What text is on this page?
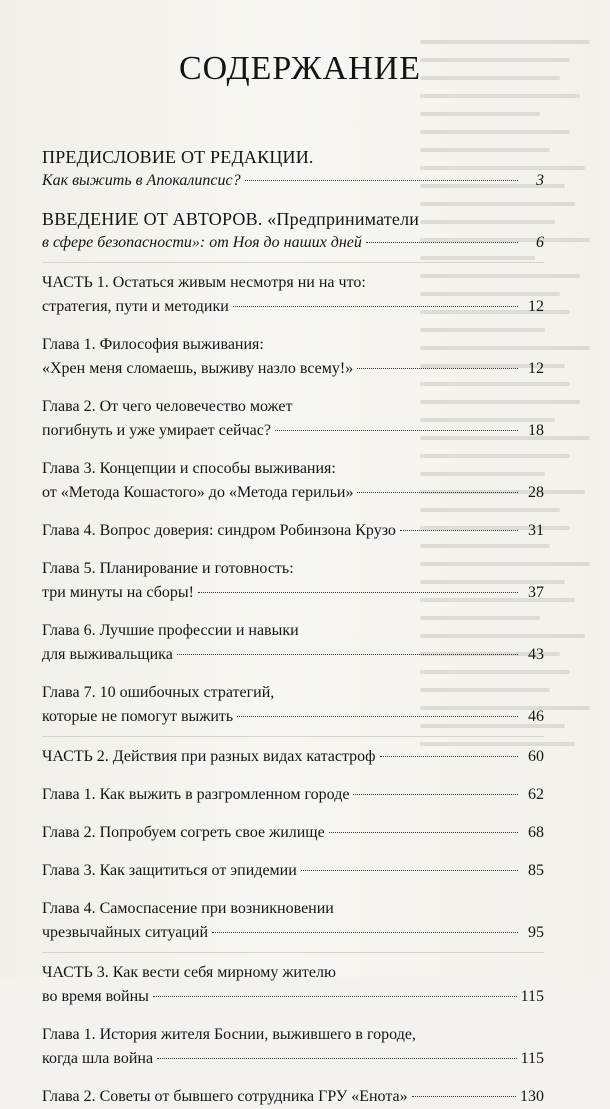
СОДЕРЖАНИЕ
ПРЕДИСЛОВИЕ ОТ РЕДАКЦИИ.
Как выжить в Апокалипсис?	3
ВВЕДЕНИЕ ОТ АВТОРОВ. «Предприниматели
в сфере безопасности»: от Ноя до наших дней	6
ЧАСТЬ 1. Остаться живым несмотря ни на что:
стратегия, пути и методики	12
Глава 1. Философия выживания:
«Хрен меня сломаешь, выживу назло всему!»	12
Глава 2. От чего человечество может
погибнуть и уже умирает сейчас?	18
Глава 3. Концепции и способы выживания:
от «Метода Кошастого» до «Метода герильи»	28
Глава 4. Вопрос доверия: синдром Робинзона Крузо	31
Глава 5. Планирование и готовность:
три минуты на сборы!	37
Глава 6. Лучшие профессии и навыки
для выживальщика	43
Глава 7. 10 ошибочных стратегий,
которые не помогут выжить	46
ЧАСТЬ 2. Действия при разных видах катастроф	60
Глава 1. Как выжить в разгромленном городе	62
Глава 2. Попробуем согреть свое жилище	68
Глава 3. Как защититься от эпидемии	85
Глава 4. Самоспасение при возникновении
чрезвычайных ситуаций	95
ЧАСТЬ 3. Как вести себя мирному жителю
во время войны	115
Глава 1. История жителя Боснии, выжившего в городе,
когда шла война	115
Глава 2. Советы от бывшего сотрудника ГРУ «Енота»	130
